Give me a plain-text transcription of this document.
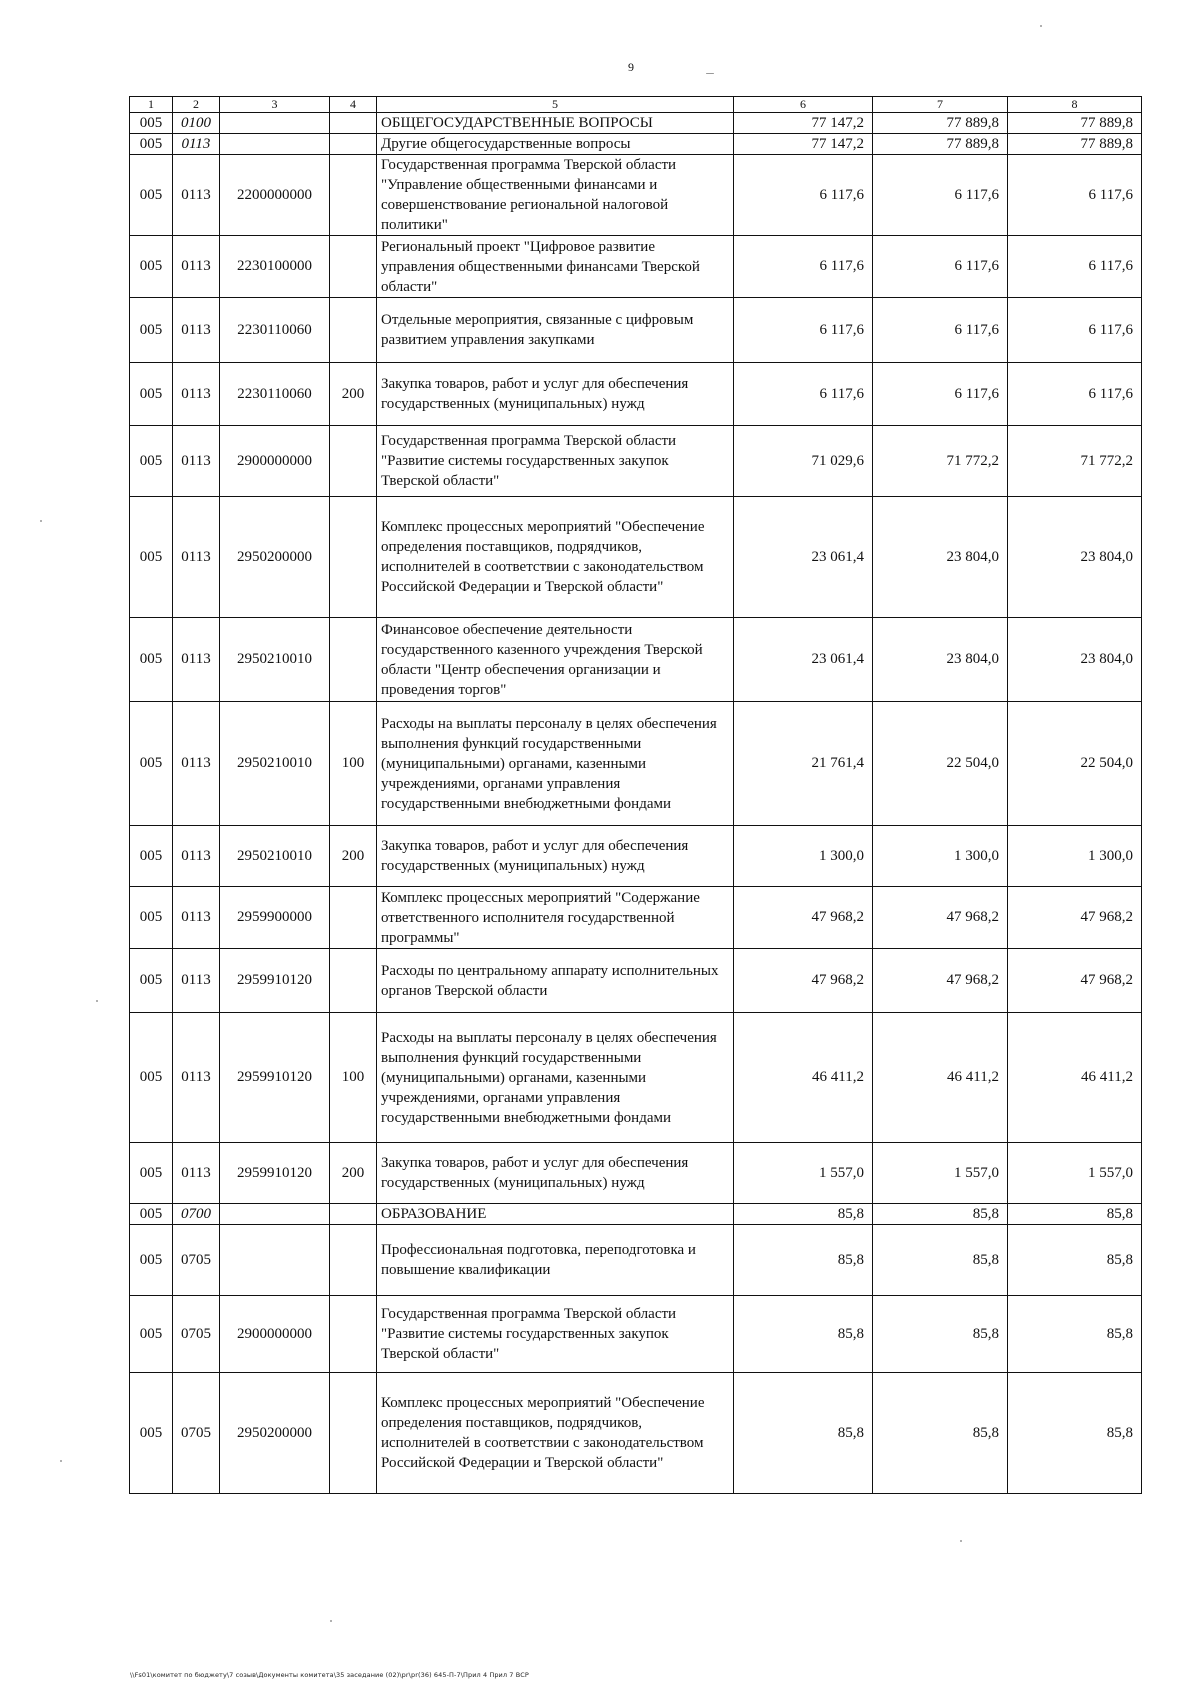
9
1	2	3	4	5	6	7	8
005	0100			ОБЩЕГОСУДАРСТВЕННЫЕ ВОПРОСЫ	77 147,2	77 889,8	77 889,8
005	0113			Другие общегосударственные вопросы	77 147,2	77 889,8	77 889,8
005	0113	2200000000		Государственная программа Тверской области "Управление общественными финансами и совершенствование региональной налоговой политики"	6 117,6	6 117,6	6 117,6
005	0113	2230100000		Региональный проект "Цифровое развитие управления общественными финансами Тверской области"	6 117,6	6 117,6	6 117,6
005	0113	2230110060		Отдельные мероприятия, связанные с цифровым развитием управления закупками	6 117,6	6 117,6	6 117,6
005	0113	2230110060	200	Закупка товаров, работ и услуг для обеспечения государственных (муниципальных) нужд	6 117,6	6 117,6	6 117,6
005	0113	2900000000		Государственная программа Тверской области "Развитие системы государственных закупок Тверской области"	71 029,6	71 772,2	71 772,2
005	0113	2950200000		Комплекс процессных мероприятий "Обеспечение определения поставщиков, подрядчиков, исполнителей в соответствии с законодательством Российской Федерации и Тверской области"	23 061,4	23 804,0	23 804,0
005	0113	2950210010		Финансовое обеспечение деятельности государственного казенного учреждения Тверской области "Центр обеспечения организации и проведения торгов"	23 061,4	23 804,0	23 804,0
005	0113	2950210010	100	Расходы на выплаты персоналу в целях обеспечения выполнения функций государственными (муниципальными) органами, казенными учреждениями, органами управления государственными внебюджетными фондами	21 761,4	22 504,0	22 504,0
005	0113	2950210010	200	Закупка товаров, работ и услуг для обеспечения государственных (муниципальных) нужд	1 300,0	1 300,0	1 300,0
005	0113	2959900000		Комплекс процессных мероприятий "Содержание ответственного исполнителя государственной программы"	47 968,2	47 968,2	47 968,2
005	0113	2959910120		Расходы по центральному аппарату исполнительных органов Тверской области	47 968,2	47 968,2	47 968,2
005	0113	2959910120	100	Расходы на выплаты персоналу в целях обеспечения выполнения функций государственными (муниципальными) органами, казенными учреждениями, органами управления государственными внебюджетными фондами	46 411,2	46 411,2	46 411,2
005	0113	2959910120	200	Закупка товаров, работ и услуг для обеспечения государственных (муниципальных) нужд	1 557,0	1 557,0	1 557,0
005	0700			ОБРАЗОВАНИЕ	85,8	85,8	85,8
005	0705			Профессиональная подготовка, переподготовка и повышение квалификации	85,8	85,8	85,8
005	0705	2900000000		Государственная программа Тверской области "Развитие системы государственных закупок Тверской области"	85,8	85,8	85,8
005	0705	2950200000		Комплекс процессных мероприятий "Обеспечение определения поставщиков, подрядчиков, исполнителей в соответствии с законодательством Российской Федерации и Тверской области"	85,8	85,8	85,8
\\Fs01\комитет по бюджету\7 созыв\Документы комитета\35 заседание (02)\pr\pr(36) 645-П-7\Прил 4 Прил 7 ВСР
